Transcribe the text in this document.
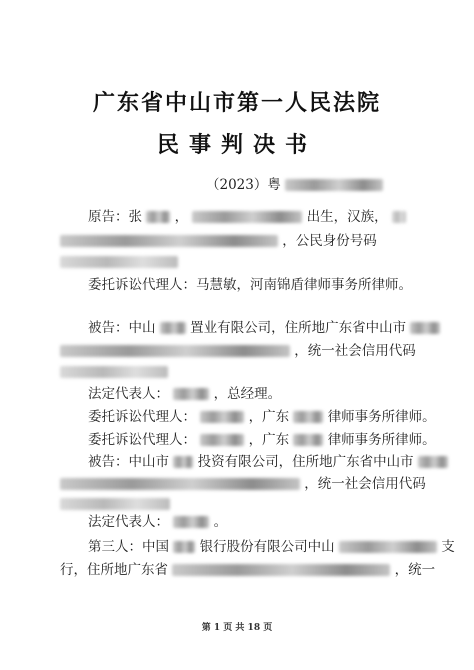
广东省中山市第一人民法院
民事判决书
（2023）粤
原告：张 ，	出生，汉族，
，公民身份号码
委托诉讼代理人：马慧敏，河南锦盾律师事务所律师。
被告：中山	置业有限公司，住所地广东省中山市
，统一社会信用代码
法定代表人：	，总经理。
委托诉讼代理人：	，广东	律师事务所律师。
委托诉讼代理人：	，广东	律师事务所律师。
被告：中山市 投资有限公司，住所地广东省中山市
，统一社会信用代码
法定代表人：	。
第三人：中国 银行股份有限公司中山	支
行，住所地广东省	，统一
第 1 页 共 18 页
